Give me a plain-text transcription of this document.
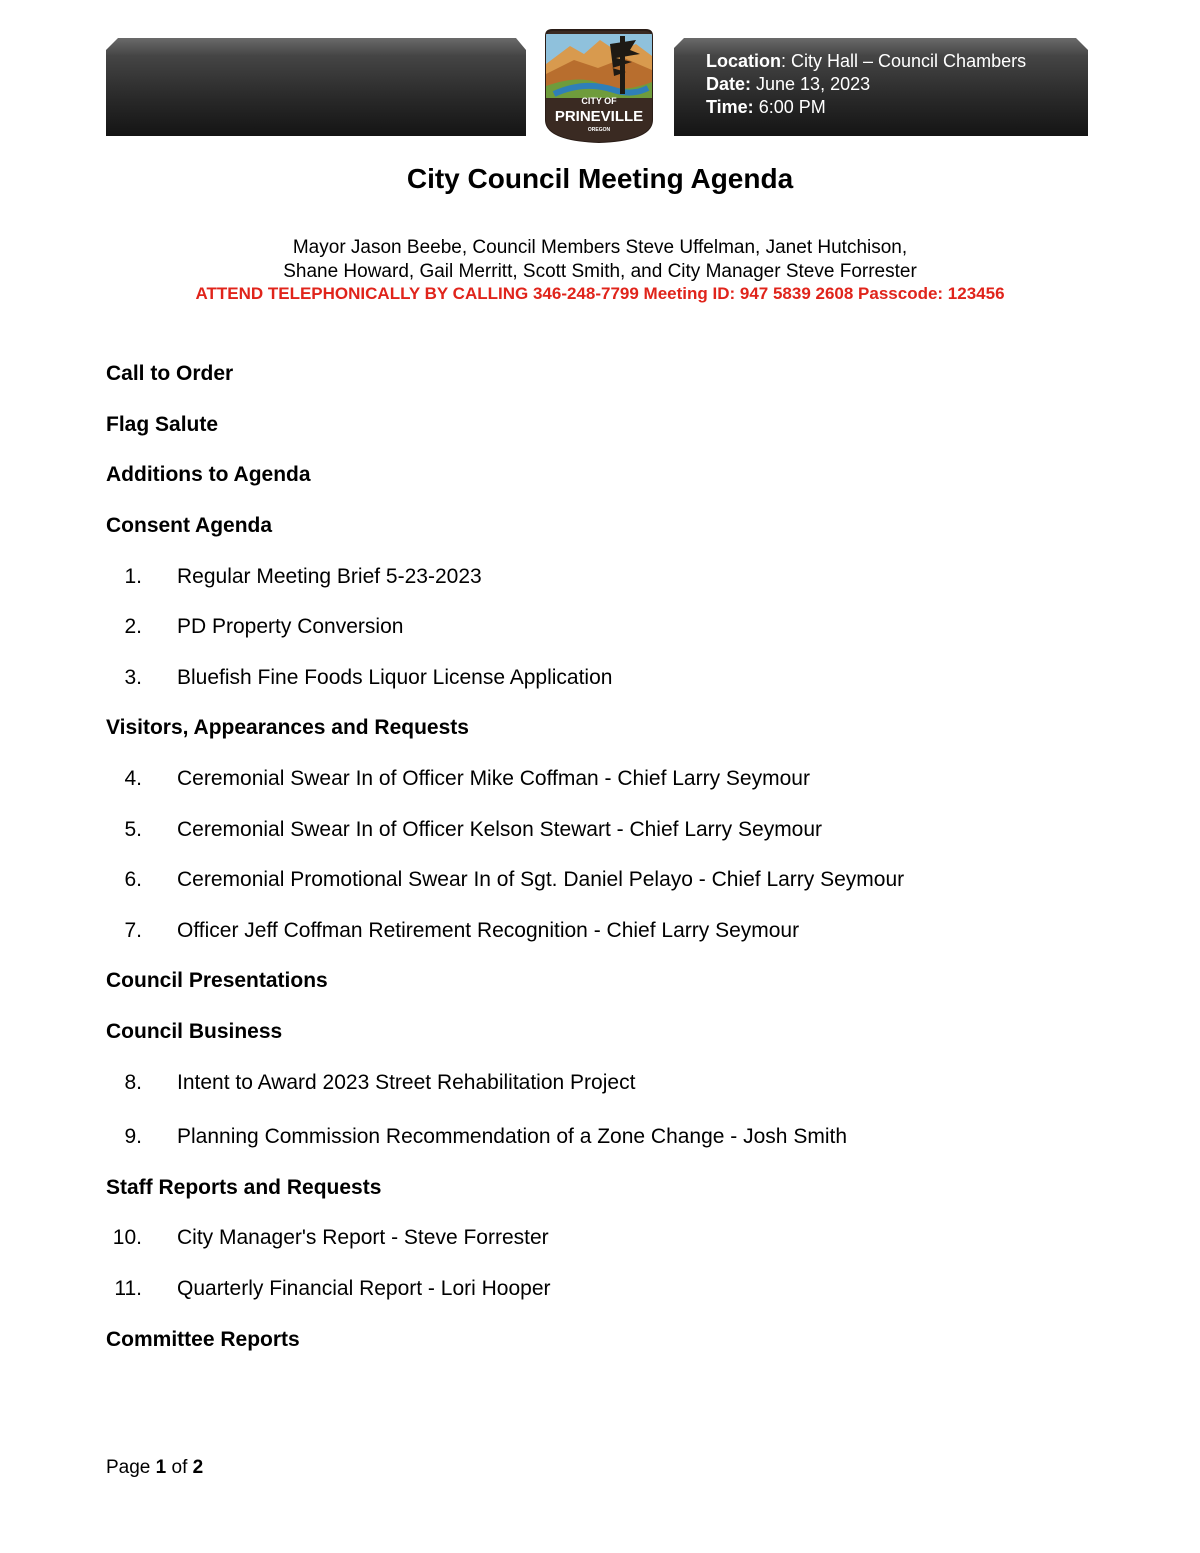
Location: City Hall – Council Chambers
Date: June 13, 2023
Time: 6:00 PM
CITY OF
PRINEVILLE
OREGON
City Council Meeting Agenda
Mayor Jason Beebe, Council Members Steve Uffelman, Janet Hutchison,
Shane Howard, Gail Merritt, Scott Smith, and City Manager Steve Forrester
ATTEND TELEPHONICALLY BY CALLING 346-248-7799 Meeting ID: 947 5839 2608 Passcode: 123456
Call to Order
Flag Salute
Additions to Agenda
Consent Agenda
1. Regular Meeting Brief 5-23-2023
2. PD Property Conversion
3. Bluefish Fine Foods Liquor License Application
Visitors, Appearances and Requests
4. Ceremonial Swear In of Officer Mike Coffman - Chief Larry Seymour
5. Ceremonial Swear In of Officer Kelson Stewart - Chief Larry Seymour
6. Ceremonial Promotional Swear In of Sgt. Daniel Pelayo - Chief Larry Seymour
7. Officer Jeff Coffman Retirement Recognition - Chief Larry Seymour
Council Presentations
Council Business
8. Intent to Award 2023 Street Rehabilitation Project
9. Planning Commission Recommendation of a Zone Change - Josh Smith
Staff Reports and Requests
10. City Manager's Report - Steve Forrester
11. Quarterly Financial Report - Lori Hooper
Committee Reports
Page 1 of 2
